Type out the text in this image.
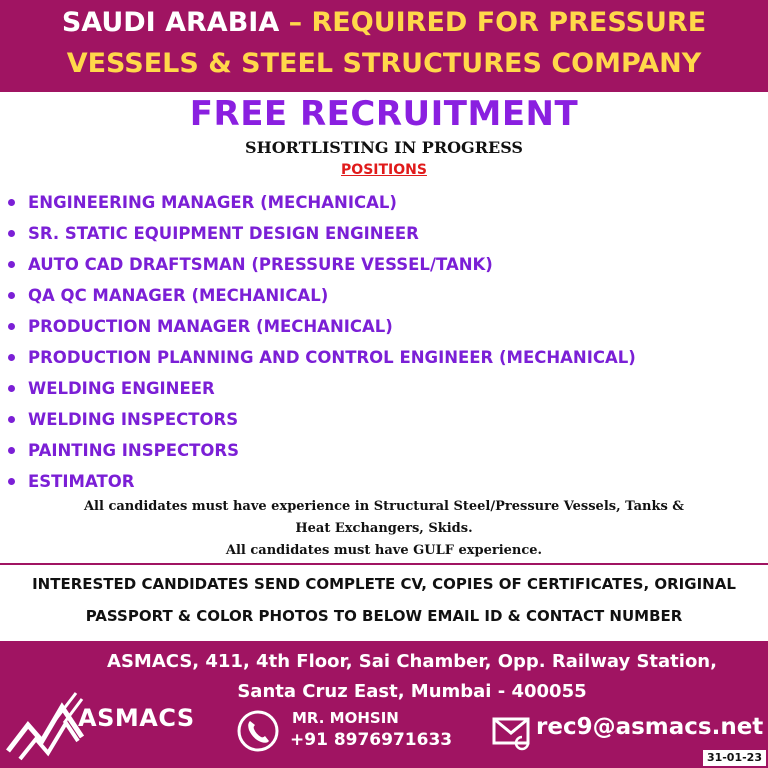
SAUDI ARABIA – REQUIRED FOR PRESSURE
VESSELS & STEEL STRUCTURES COMPANY
FREE RECRUITMENT
SHORTLISTING IN PROGRESS
POSITIONS
ENGINEERING MANAGER (MECHANICAL)
SR. STATIC EQUIPMENT DESIGN ENGINEER
AUTO CAD DRAFTSMAN (PRESSURE VESSEL/TANK)
QA QC MANAGER (MECHANICAL)
PRODUCTION MANAGER (MECHANICAL)
PRODUCTION PLANNING AND CONTROL ENGINEER (MECHANICAL)
WELDING ENGINEER
WELDING INSPECTORS
PAINTING INSPECTORS
ESTIMATOR
All candidates must have experience in Structural Steel/Pressure Vessels, Tanks &
Heat Exchangers, Skids.
All candidates must have GULF experience.
INTERESTED CANDIDATES SEND COMPLETE CV, COPIES OF CERTIFICATES, ORIGINAL
PASSPORT & COLOR PHOTOS TO BELOW EMAIL ID & CONTACT NUMBER
ASMACS, 411, 4th Floor, Sai Chamber, Opp. Railway Station,
Santa Cruz East, Mumbai - 400055
ASMACS	MR. MOHSIN
+91 8976971633	rec9@asmacs.net
31-01-23
